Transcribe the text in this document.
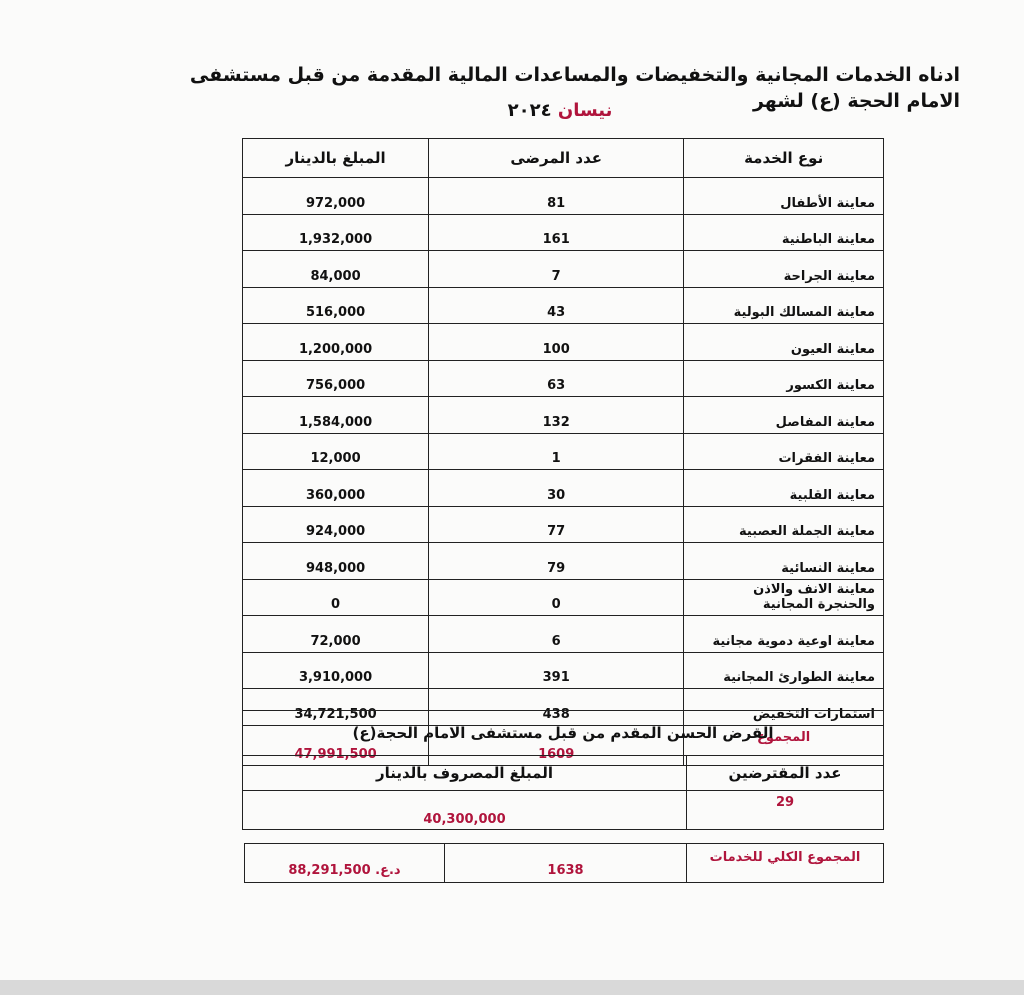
ادناه الخدمات المجانية والتخفيضات والمساعدات المالية المقدمة من قبل مستشفى الامام الحجة (ع) لشهر
نيسان ٢٠٢٤
نوع الخدمة	عدد المرضى	المبلغ بالدينار
معاينة الأطفال	81	972,000
معاينة الباطنية	161	1,932,000
معاينة الجراحة	7	84,000
معاينة المسالك البولية	43	516,000
معاينة العيون	100	1,200,000
معاينة الكسور	63	756,000
معاينة المفاصل	132	1,584,000
معاينة الفقرات	1	12,000
معاينة القلبية	30	360,000
معاينة الجملة العصبية	77	924,000
معاينة النسائية	79	948,000
معاينة الانف والاذن والحنجرة المجانية	0	0
معاينة اوعية دموية مجانية	6	72,000
معاينة الطوارئ المجانية	391	3,910,000
استمارات التخفيض	438	34,721,500
المجموع	1609	47,991,500
القرض الحسن المقدم من قبل مستشفى الامام الحجة(ع)	
عدد المقترضين	المبلغ المصروف بالدينار
29	40,300,000
المجموع الكلي للخدمات	1638	د.ع. 88,291,500
